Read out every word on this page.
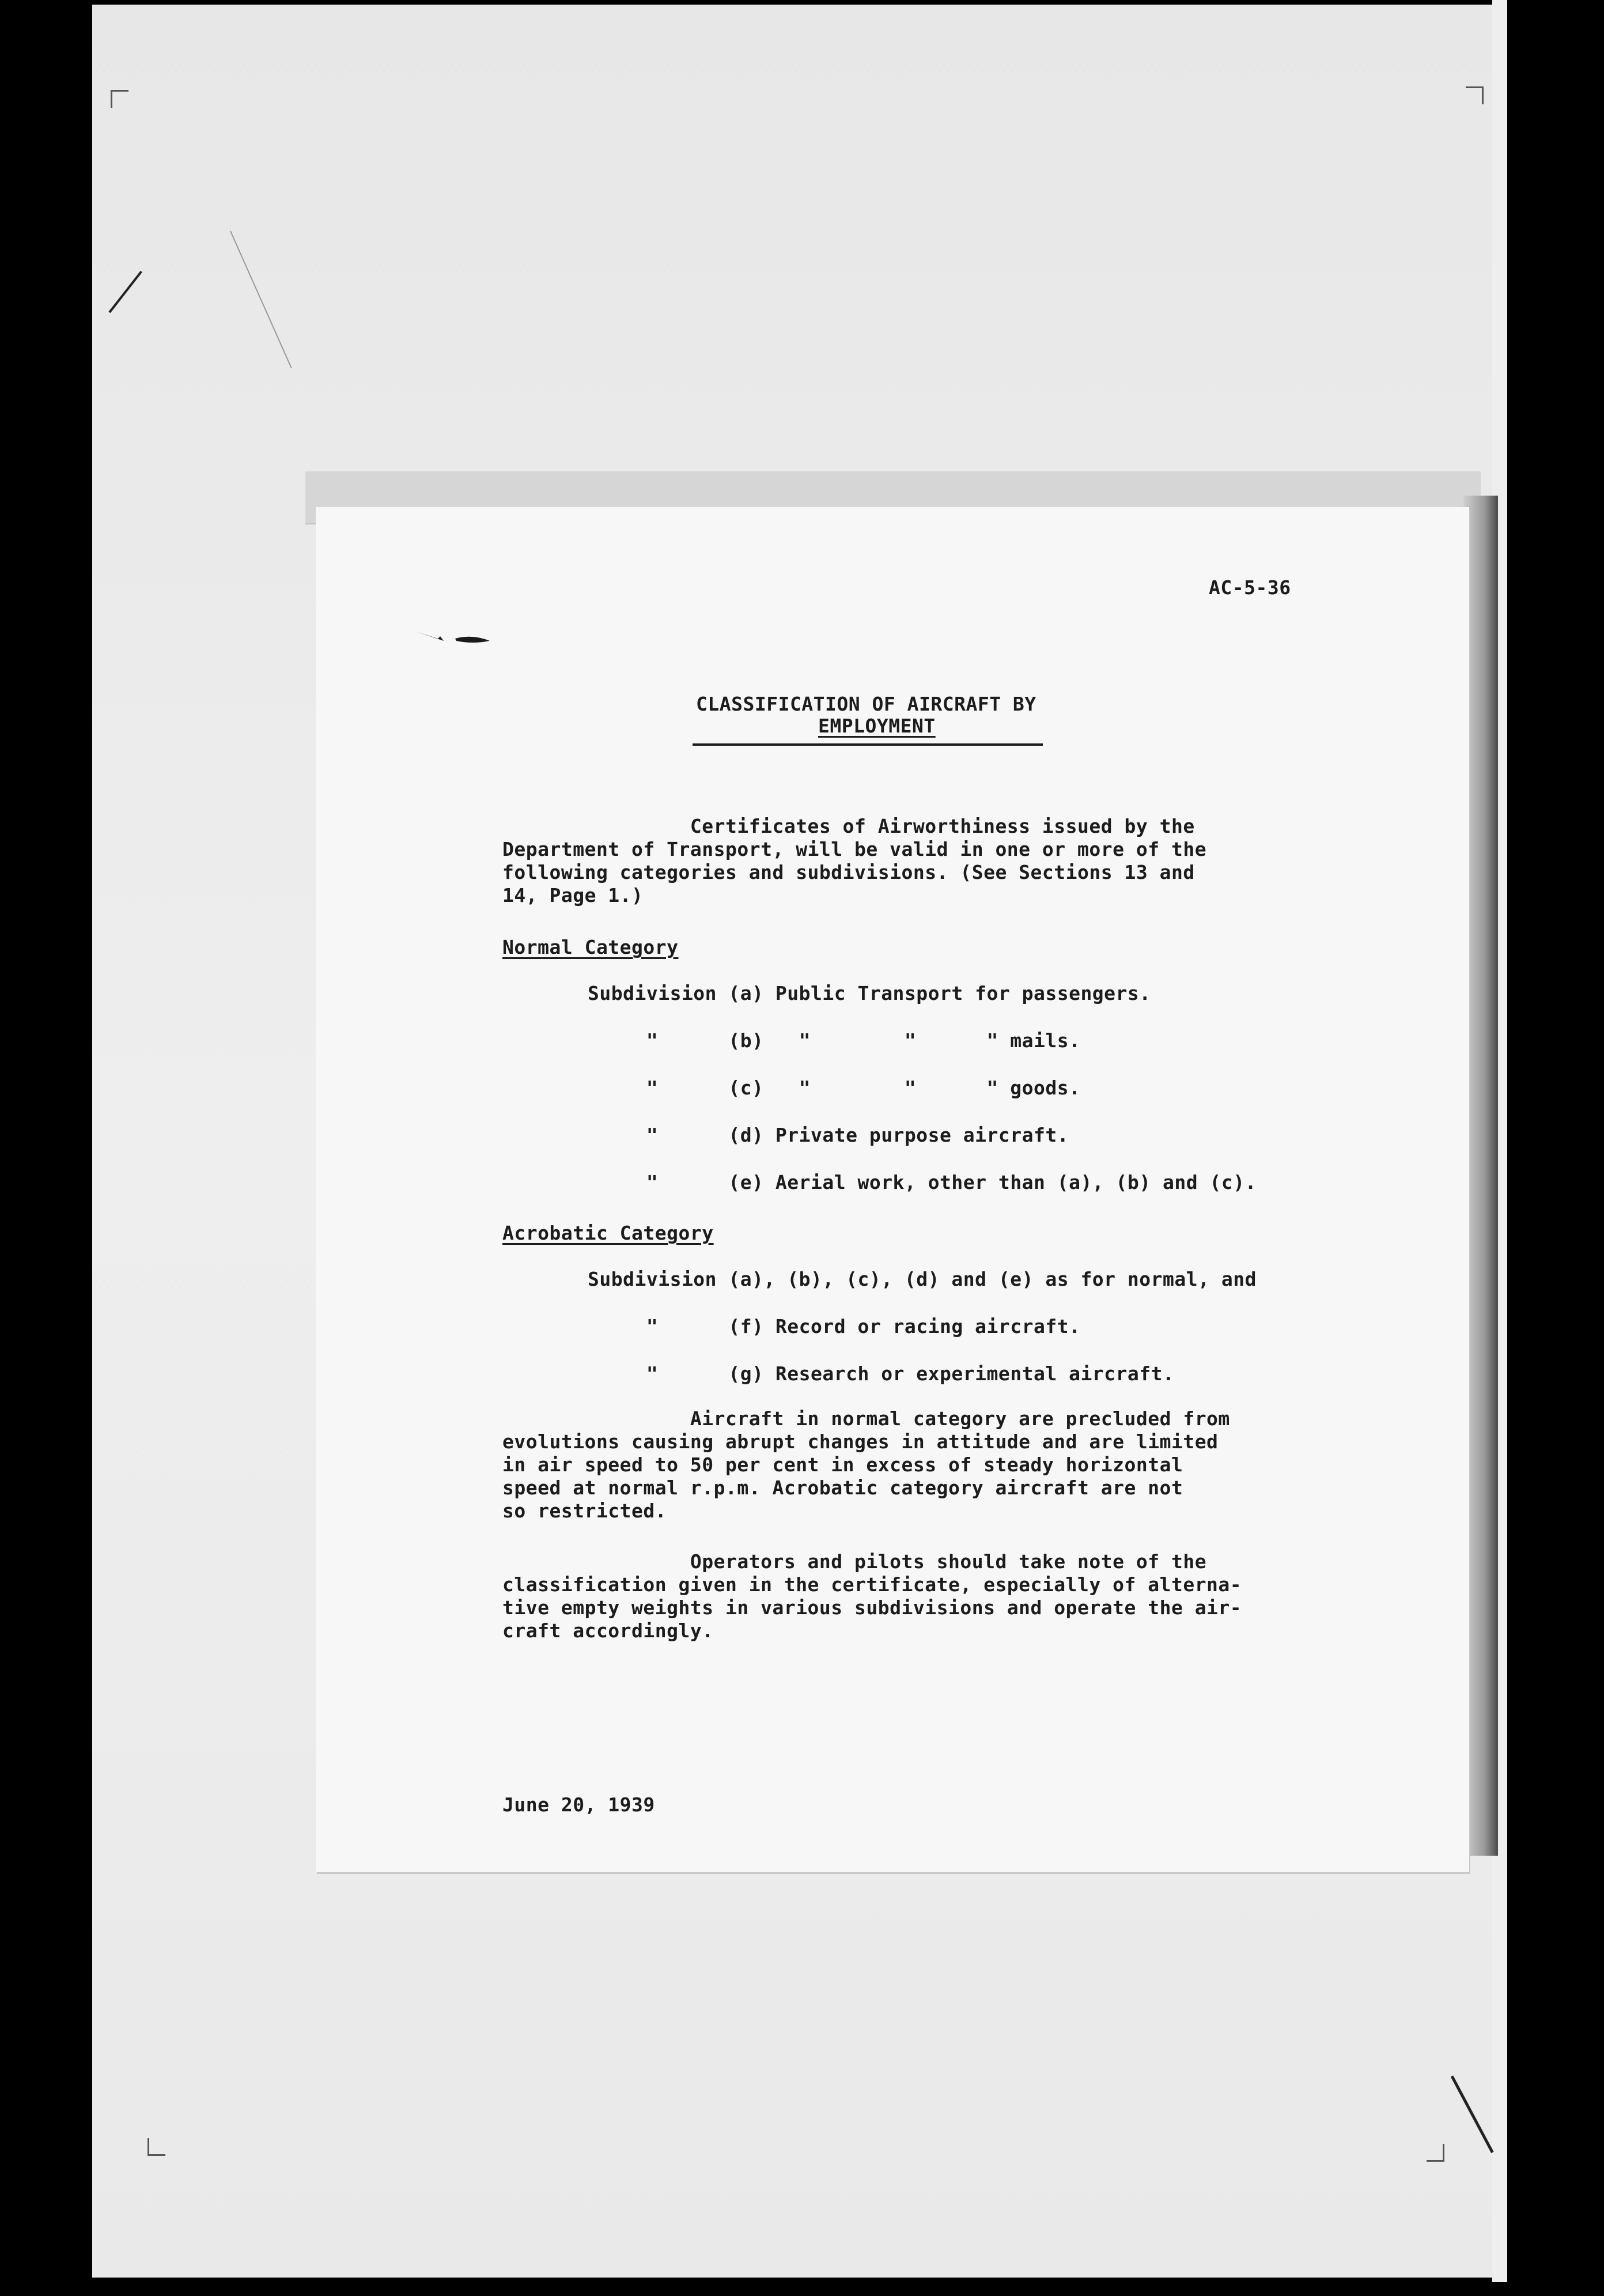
AC-5-36
CLASSIFICATION OF AIRCRAFT BY
EMPLOYMENT
Certificates of Airworthiness issued by the
Department of Transport, will be valid in one or more of the
following categories and subdivisions. (See Sections 13 and
14, Page 1.)
Normal Category
Subdivision (a) Public Transport for passengers.
"      (b)   "        "      " mails.
"      (c)   "        "      " goods.
"      (d) Private purpose aircraft.
"      (e) Aerial work, other than (a), (b) and (c).
Acrobatic Category
Subdivision (a), (b), (c), (d) and (e) as for normal, and
"      (f) Record or racing aircraft.
"      (g) Research or experimental aircraft.
Aircraft in normal category are precluded from
evolutions causing abrupt changes in attitude and are limited
in air speed to 50 per cent in excess of steady horizontal
speed at normal r.p.m. Acrobatic category aircraft are not
so restricted.
Operators and pilots should take note of the
classification given in the certificate, especially of alterna-
tive empty weights in various subdivisions and operate the air-
craft accordingly.
June 20, 1939
